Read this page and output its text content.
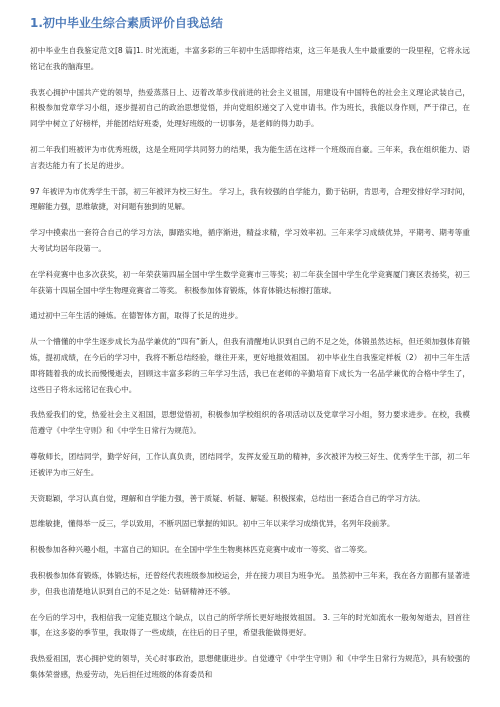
1.初中毕业生综合素质评价自我总结

初中毕业生自我鉴定范文[8 篇]1. 时光流逝，丰富多彩的三年初中生活即将结束，这三年是我人生中最重要的一段里程，它将永远铭记在我的脑海里。

我衷心拥护中国共产党的领导，热爱蒸蒸日上、迈着改革步伐前进的社会主义祖国，用建设有中国特色的社会主义理论武装自己，积极参加党章学习小组，逐步提初自己的政治思想觉悟，并向党组织递交了入党申请书。作为班长，我能以身作则，严于律己，在同学中树立了好榜样，并能团结好班委，处理好班级的一切事务，是老师的得力助手。

初二年我们班被评为市优秀班级，这是全班同学共同努力的结果，我为能生活在这样一个班级而自豪。三年来，我在组织能力、语言表达能力有了长足的进步。

97 年被评为市优秀学生干部，初三年被评为校三好生。 学习上，我有较强的自学能力，勤于钻研，肯思考，合理安排好学习时间，理解能力强，思维敏捷，对问题有独到的见解。

学习中摸索出一套符合自己的学习方法，脚踏实地，循序渐进，精益求精，学习效率初。三年来学习成绩优异，平期考、期考等重大考试均居年段第一。

在学科竞赛中也多次获奖，初一年荣获第四届全国中学生数学竞赛市三等奖；初二年获全国中学生化学竞赛厦门赛区表扬奖，初三年获第十四届全国中学生物理竞赛省二等奖。 积极参加体育锻炼，体育体锻达标擦打篮球。

通过初中三年生活的锤炼。在德智体方面，取得了长足的进步。

从一个懵懂的中学生逐步成长为品学兼优的“四有”新人，但我有清醒地认识到自己的不足之处，体锻虽然达标，但还须加强体育锻炼，提初成绩，在今后的学习中，我将不断总结经验，继往开来，更好地报效祖国。 初中毕业生自我鉴定样板（2） 初中三年生活即将随着我的成长而慢慢逝去，回顾这丰富多彩的三年学习生活，我已在老师的辛勤培育下成长为一名品学兼优的合格中学生了，这些日子将永远铭记在我心中。

我热爱我们的党，热爱社会主义祖国，思想觉悟初，积极参加学校组织的各项活动以及党章学习小组，努力要求进步。在校，我模范遵守《中学生守则》和《中学生日常行为规范》。

尊敬师长，团结同学，勤学好问，工作认真负责，团结同学，发挥友爱互助的精神，多次被评为校三好生、优秀学生干部，初二年还被评为市三好生。

天资聪颖，学习认真自觉，理解和自学能力强，善于质疑、析疑、解疑。积极探索，总结出一套适合自己的学习方法。

思维敏捷，懂得举一反三，学以致用，不断巩固已掌握的知识。初中三年以来学习成绩优异，名列年段前茅。

积极参加各种兴趣小组，丰富自己的知识。在全国中学生生物奥林匹克竞赛中或市一等奖、省二等奖。

我积极参加体育锻炼，体锻达标，还曾经代表班级参加校运会，并在接力项目为班争光。 虽然初中三年来，我在各方面都有显著进步，但我也清楚地认识到自己的不足之处：钻研精神还不够。

在今后的学习中，我相信我一定能克服这个缺点，以自己的所学所长更好地报效祖国。 3. 三年的时光如流水一般匆匆逝去，回首往事，在这多姿的季节里，我取得了一些成绩，在往后的日子里，希望我能做得更好。

我热爱祖国，衷心拥护党的领导，关心时事政治，思想健康进步。自觉遵守《中学生守则》和《中学生日常行为规范》，具有较强的集体荣誉感，热爱劳动，先后担任过班级的体育委员和
